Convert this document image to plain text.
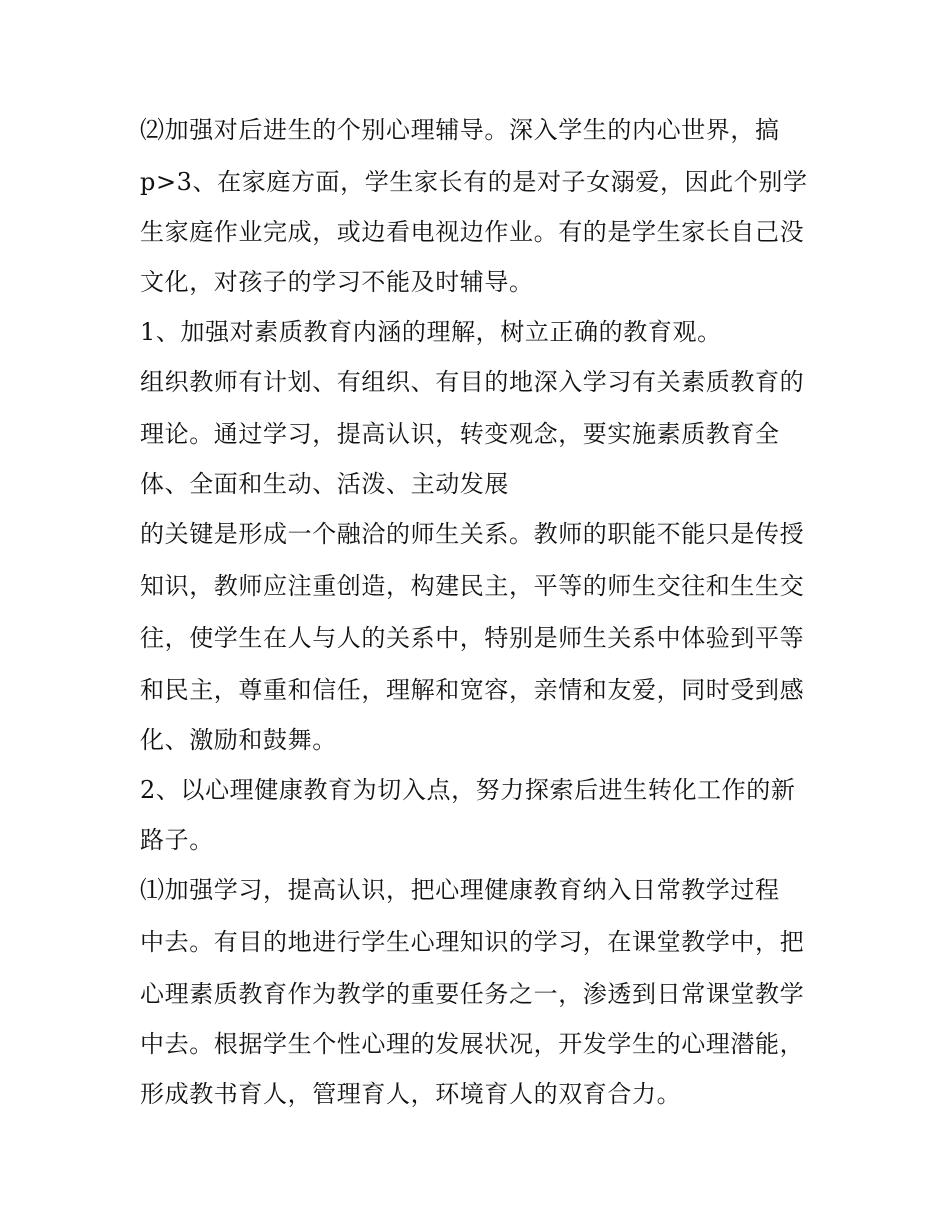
⑵加强对后进生的个别心理辅导。深入学生的内心世界，搞

p>3、在家庭方面，学生家长有的是对子女溺爱，因此个别学

生家庭作业完成，或边看电视边作业。有的是学生家长自己没

文化，对孩子的学习不能及时辅导。

1、加强对素质教育内涵的理解，树立正确的教育观。

组织教师有计划、有组织、有目的地深入学习有关素质教育的

理论。通过学习，提高认识，转变观念，要实施素质教育全

体、全面和生动、活泼、主动发展

的关键是形成一个融洽的师生关系。教师的职能不能只是传授

知识，教师应注重创造，构建民主，平等的师生交往和生生交

往，使学生在人与人的关系中，特别是师生关系中体验到平等

和民主，尊重和信任，理解和宽容，亲情和友爱，同时受到感

化、激励和鼓舞。

2、以心理健康教育为切入点，努力探索后进生转化工作的新

路子。

⑴加强学习，提高认识，把心理健康教育纳入日常教学过程

中去。有目的地进行学生心理知识的学习，在课堂教学中，把

心理素质教育作为教学的重要任务之一，渗透到日常课堂教学

中去。根据学生个性心理的发展状况，开发学生的心理潜能，

形成教书育人，管理育人，环境育人的双育合力。
